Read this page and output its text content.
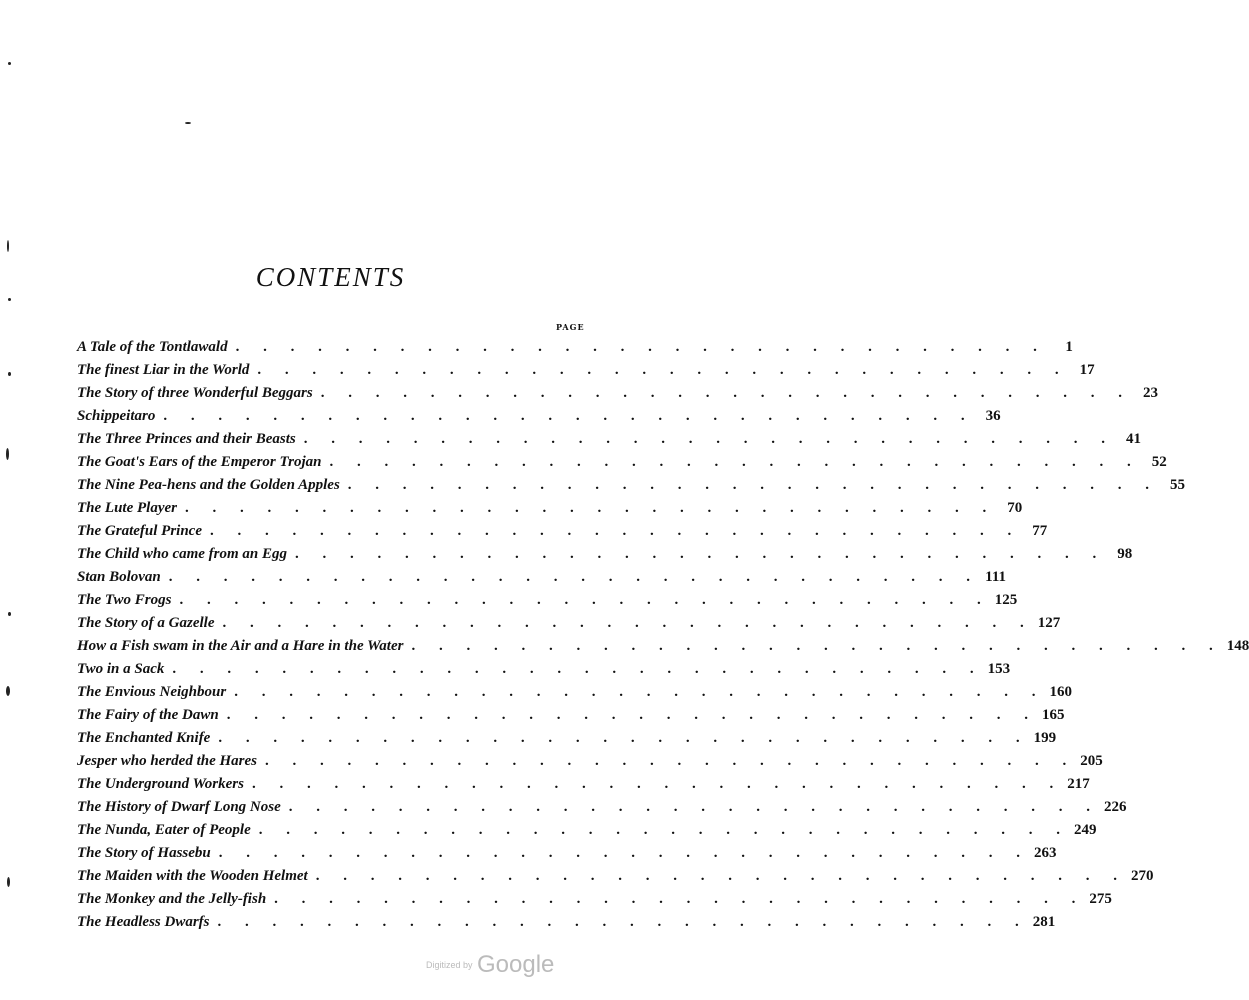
CONTENTS
PAGE
A Tale of the Tontlawald . . . . . . . . . . . . . . . . . . . . . . . . . . . . . .	1
The finest Liar in the World . . . . . . . . . . . . . . . . . . . . . . . . . . . . . . 17
The Story of three Wonderful Beggars . . . . . . . . . . . . . . . . . . . . . . . . . . . . . . 23
Schippeitaro . . . . . . . . . . . . . . . . . . . . . . . . . . . . . . 36
The Three Princes and their Beasts . . . . . . . . . . . . . . . . . . . . . . . . . . . . . . 41
The Goat's Ears of the Emperor Trojan . . . . . . . . . . . . . . . . . . . . . . . . . . . . . . 52
The Nine Pea-hens and the Golden Apples . . . . . . . . . . . . . . . . . . . . . . . . . . . . . . 55
The Lute Player . . . . . . . . . . . . . . . . . . . . . . . . . . . . . . 70
The Grateful Prince . . . . . . . . . . . . . . . . . . . . . . . . . . . . . . 77
The Child who came from an Egg . . . . . . . . . . . . . . . . . . . . . . . . . . . . . . 98
Stan Bolovan . . . . . . . . . . . . . . . . . . . . . . . . . . . . . . 111
The Two Frogs . . . . . . . . . . . . . . . . . . . . . . . . . . . . . . 125
The Story of a Gazelle . . . . . . . . . . . . . . . . . . . . . . . . . . . . . . 127
How a Fish swam in the Air and a Hare in the Water . . . . . . . . . . . . . . . . . . . . . . . . . . . . . . 148
Two in a Sack . . . . . . . . . . . . . . . . . . . . . . . . . . . . . . 153
The Envious Neighbour . . . . . . . . . . . . . . . . . . . . . . . . . . . . . . 160
The Fairy of the Dawn . . . . . . . . . . . . . . . . . . . . . . . . . . . . . . 165
The Enchanted Knife . . . . . . . . . . . . . . . . . . . . . . . . . . . . . . 199
Jesper who herded the Hares . . . . . . . . . . . . . . . . . . . . . . . . . . . . . . 205
The Underground Workers . . . . . . . . . . . . . . . . . . . . . . . . . . . . . . 217
The History of Dwarf Long Nose . . . . . . . . . . . . . . . . . . . . . . . . . . . . . . 226
The Nunda, Eater of People . . . . . . . . . . . . . . . . . . . . . . . . . . . . . . 249
The Story of Hassebu . . . . . . . . . . . . . . . . . . . . . . . . . . . . . . 263
The Maiden with the Wooden Helmet . . . . . . . . . . . . . . . . . . . . . . . . . . . . . . 270
The Monkey and the Jelly-fish . . . . . . . . . . . . . . . . . . . . . . . . . . . . . . 275
The Headless Dwarfs . . . . . . . . . . . . . . . . . . . . . . . . . . . . . . 281
Digitized by Google
